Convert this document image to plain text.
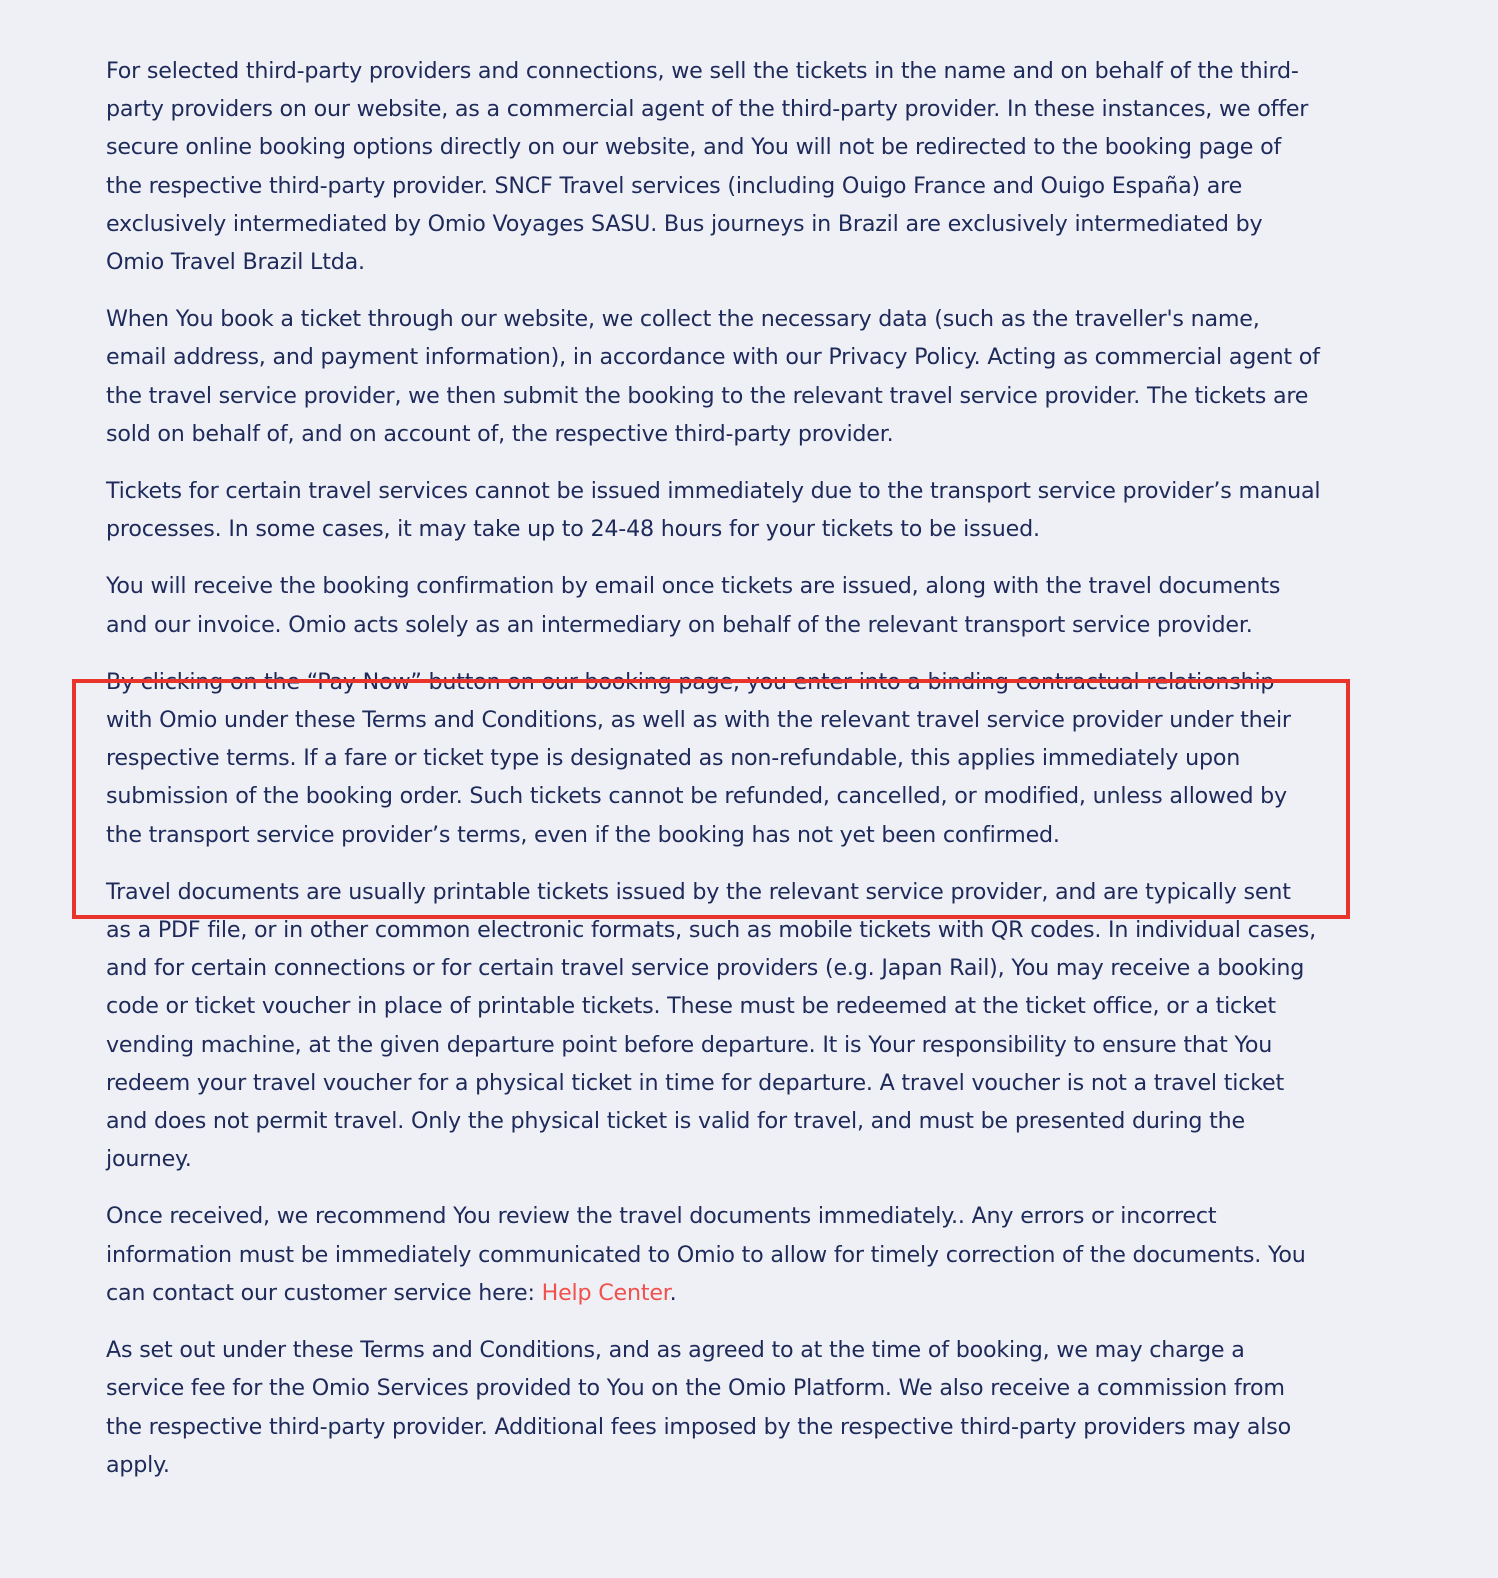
For selected third-party providers and connections, we sell the tickets in the name and on behalf of the third-party providers on our website, as a commercial agent of the third-party provider. In these instances, we offer secure online booking options directly on our website, and You will not be redirected to the booking page of the respective third-party provider. SNCF Travel services (including Ouigo France and Ouigo España) are exclusively intermediated by Omio Voyages SASU. Bus journeys in Brazil are exclusively intermediated by Omio Travel Brazil Ltda.

When You book a ticket through our website, we collect the necessary data (such as the traveller's name, email address, and payment information), in accordance with our Privacy Policy. Acting as commercial agent of the travel service provider, we then submit the booking to the relevant travel service provider. The tickets are sold on behalf of, and on account of, the respective third-party provider.

Tickets for certain travel services cannot be issued immediately due to the transport service provider’s manual processes. In some cases, it may take up to 24-48 hours for your tickets to be issued.

You will receive the booking confirmation by email once tickets are issued, along with the travel documents and our invoice. Omio acts solely as an intermediary on behalf of the relevant transport service provider.

By clicking on the “Pay Now” button on our booking page, you enter into a binding contractual relationship with Omio under these Terms and Conditions, as well as with the relevant travel service provider under their respective terms. If a fare or ticket type is designated as non-refundable, this applies immediately upon submission of the booking order. Such tickets cannot be refunded, cancelled, or modified, unless allowed by the transport service provider’s terms, even if the booking has not yet been confirmed.

Travel documents are usually printable tickets issued by the relevant service provider, and are typically sent as a PDF file, or in other common electronic formats, such as mobile tickets with QR codes. In individual cases, and for certain connections or for certain travel service providers (e.g. Japan Rail), You may receive a booking code or ticket voucher in place of printable tickets. These must be redeemed at the ticket office, or a ticket vending machine, at the given departure point before departure. It is Your responsibility to ensure that You redeem your travel voucher for a physical ticket in time for departure. A travel voucher is not a travel ticket and does not permit travel. Only the physical ticket is valid for travel, and must be presented during the journey.

Once received, we recommend You review the travel documents immediately.. Any errors or incorrect information must be immediately communicated to Omio to allow for timely correction of the documents. You can contact our customer service here: Help Center.

As set out under these Terms and Conditions, and as agreed to at the time of booking, we may charge a service fee for the Omio Services provided to You on the Omio Platform. We also receive a commission from the respective third-party provider. Additional fees imposed by the respective third-party providers may also apply.
